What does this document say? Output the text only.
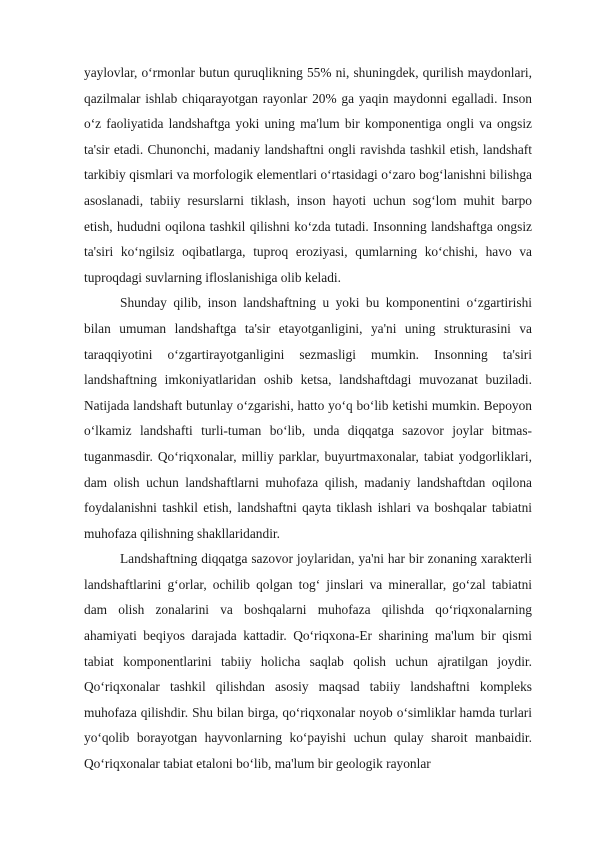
yaylovlar, o‘rmonlar butun quruqlikning 55% ni, shuningdek, qurilish maydonlari, qazilmalar ishlab chiqarayotgan rayonlar 20% ga yaqin maydonni egalladi. Inson o‘z faoliyatida landshaftga yoki uning ma'lum bir komponentiga ongli va ongsiz ta'sir etadi. Chunonchi, madaniy landshaftni ongli ravishda tashkil etish, landshaft tarkibiy qismlari va morfologik elementlari o‘rtasidagi o‘zaro bog‘lanishni bilishga asoslanadi, tabiiy resurslarni tiklash, inson hayoti uchun sog‘lom muhit barpo etish, hududni oqilona tashkil qilishni ko‘zda tutadi. Insonning landshaftga ongsiz ta'siri ko‘ngilsiz oqibatlarga, tuproq eroziyasi, qumlarning ko‘chishi, havo va tuproqdagi suvlarning ifloslanishiga olib keladi.

Shunday qilib, inson landshaftning u yoki bu komponentini o‘zgartirishi bilan umuman landshaftga ta'sir etayotganligini, ya'ni uning strukturasini va taraqqiyotini o‘zgartirayotganligini sezmasligi mumkin. Insonning ta'siri landshaftning imkoniyatlaridan oshib ketsa, landshaftdagi muvozanat buziladi. Natijada landshaft butunlay o‘zgarishi, hatto yo‘q bo‘lib ketishi mumkin. Bepoyon o‘lkamiz landshafti turli-tuman bo‘lib, unda diqqatga sazovor joylar bitmas-tuganmasdir. Qo‘riqxonalar, milliy parklar, buyurtmaxonalar, tabiat yodgorliklari, dam olish uchun landshaftlarni muhofaza qilish, madaniy landshaftdan oqilona foydalanishni tashkil etish, landshaftni qayta tiklash ishlari va boshqalar tabiatni muhofaza qilishning shakllaridandir.

Landshaftning diqqatga sazovor joylaridan, ya'ni har bir zonaning xarakterli landshaftlarini g‘orlar, ochilib qolgan tog‘ jinslari va minerallar, go‘zal tabiatni dam olish zonalarini va boshqalarni muhofaza qilishda qo‘riqxonalarning ahamiyati beqiyos darajada kattadir. Qo‘riqxona-Er sharining ma'lum bir qismi tabiat komponentlarini tabiiy holicha saqlab qolish uchun ajratilgan joydir. Qo‘riqxonalar tashkil qilishdan asosiy maqsad tabiiy landshaftni kompleks muhofaza qilishdir. Shu bilan birga, qo‘riqxonalar noyob o‘simliklar hamda turlari yo‘qolib borayotgan hayvonlarning ko‘payishi uchun qulay sharoit manbaidir. Qo‘riqxonalar tabiat etaloni bo‘lib, ma'lum bir geologik rayonlar
